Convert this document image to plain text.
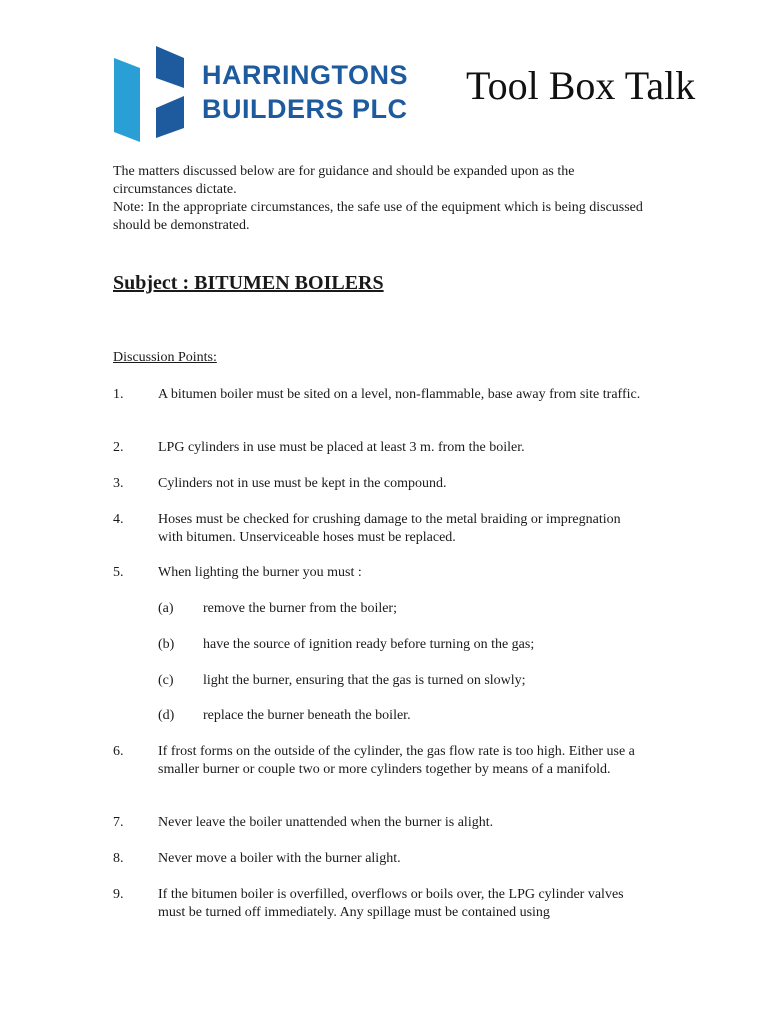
HARRINGTONS
BUILDERS PLC
Tool Box Talk

The matters discussed below are for guidance and should be expanded upon as the circumstances dictate.

Note: In the appropriate circumstances, the safe use of the equipment which is being discussed should be demonstrated.

Subject : BITUMEN BOILERS
Discussion Points:
1. A bitumen boiler must be sited on a level, non-flammable, base away from site traffic.
2. LPG cylinders in use must be placed at least 3 m. from the boiler.
3. Cylinders not in use must be kept in the compound.
4. Hoses must be checked for crushing damage to the metal braiding or impregnation with bitumen. Unserviceable hoses must be replaced.
5. When lighting the burner you must :
(a) remove the burner from the boiler;
(b) have the source of ignition ready before turning on the gas;
(c) light the burner, ensuring that the gas is turned on slowly;
(d) replace the burner beneath the boiler.
6. If frost forms on the outside of the cylinder, the gas flow rate is too high. Either use a smaller burner or couple two or more cylinders together by means of a manifold.
7. Never leave the boiler unattended when the burner is alight.
8. Never move a boiler with the burner alight.
9. If the bitumen boiler is overfilled, overflows or boils over, the LPG cylinder valves must be turned off immediately. Any spillage must be contained using
